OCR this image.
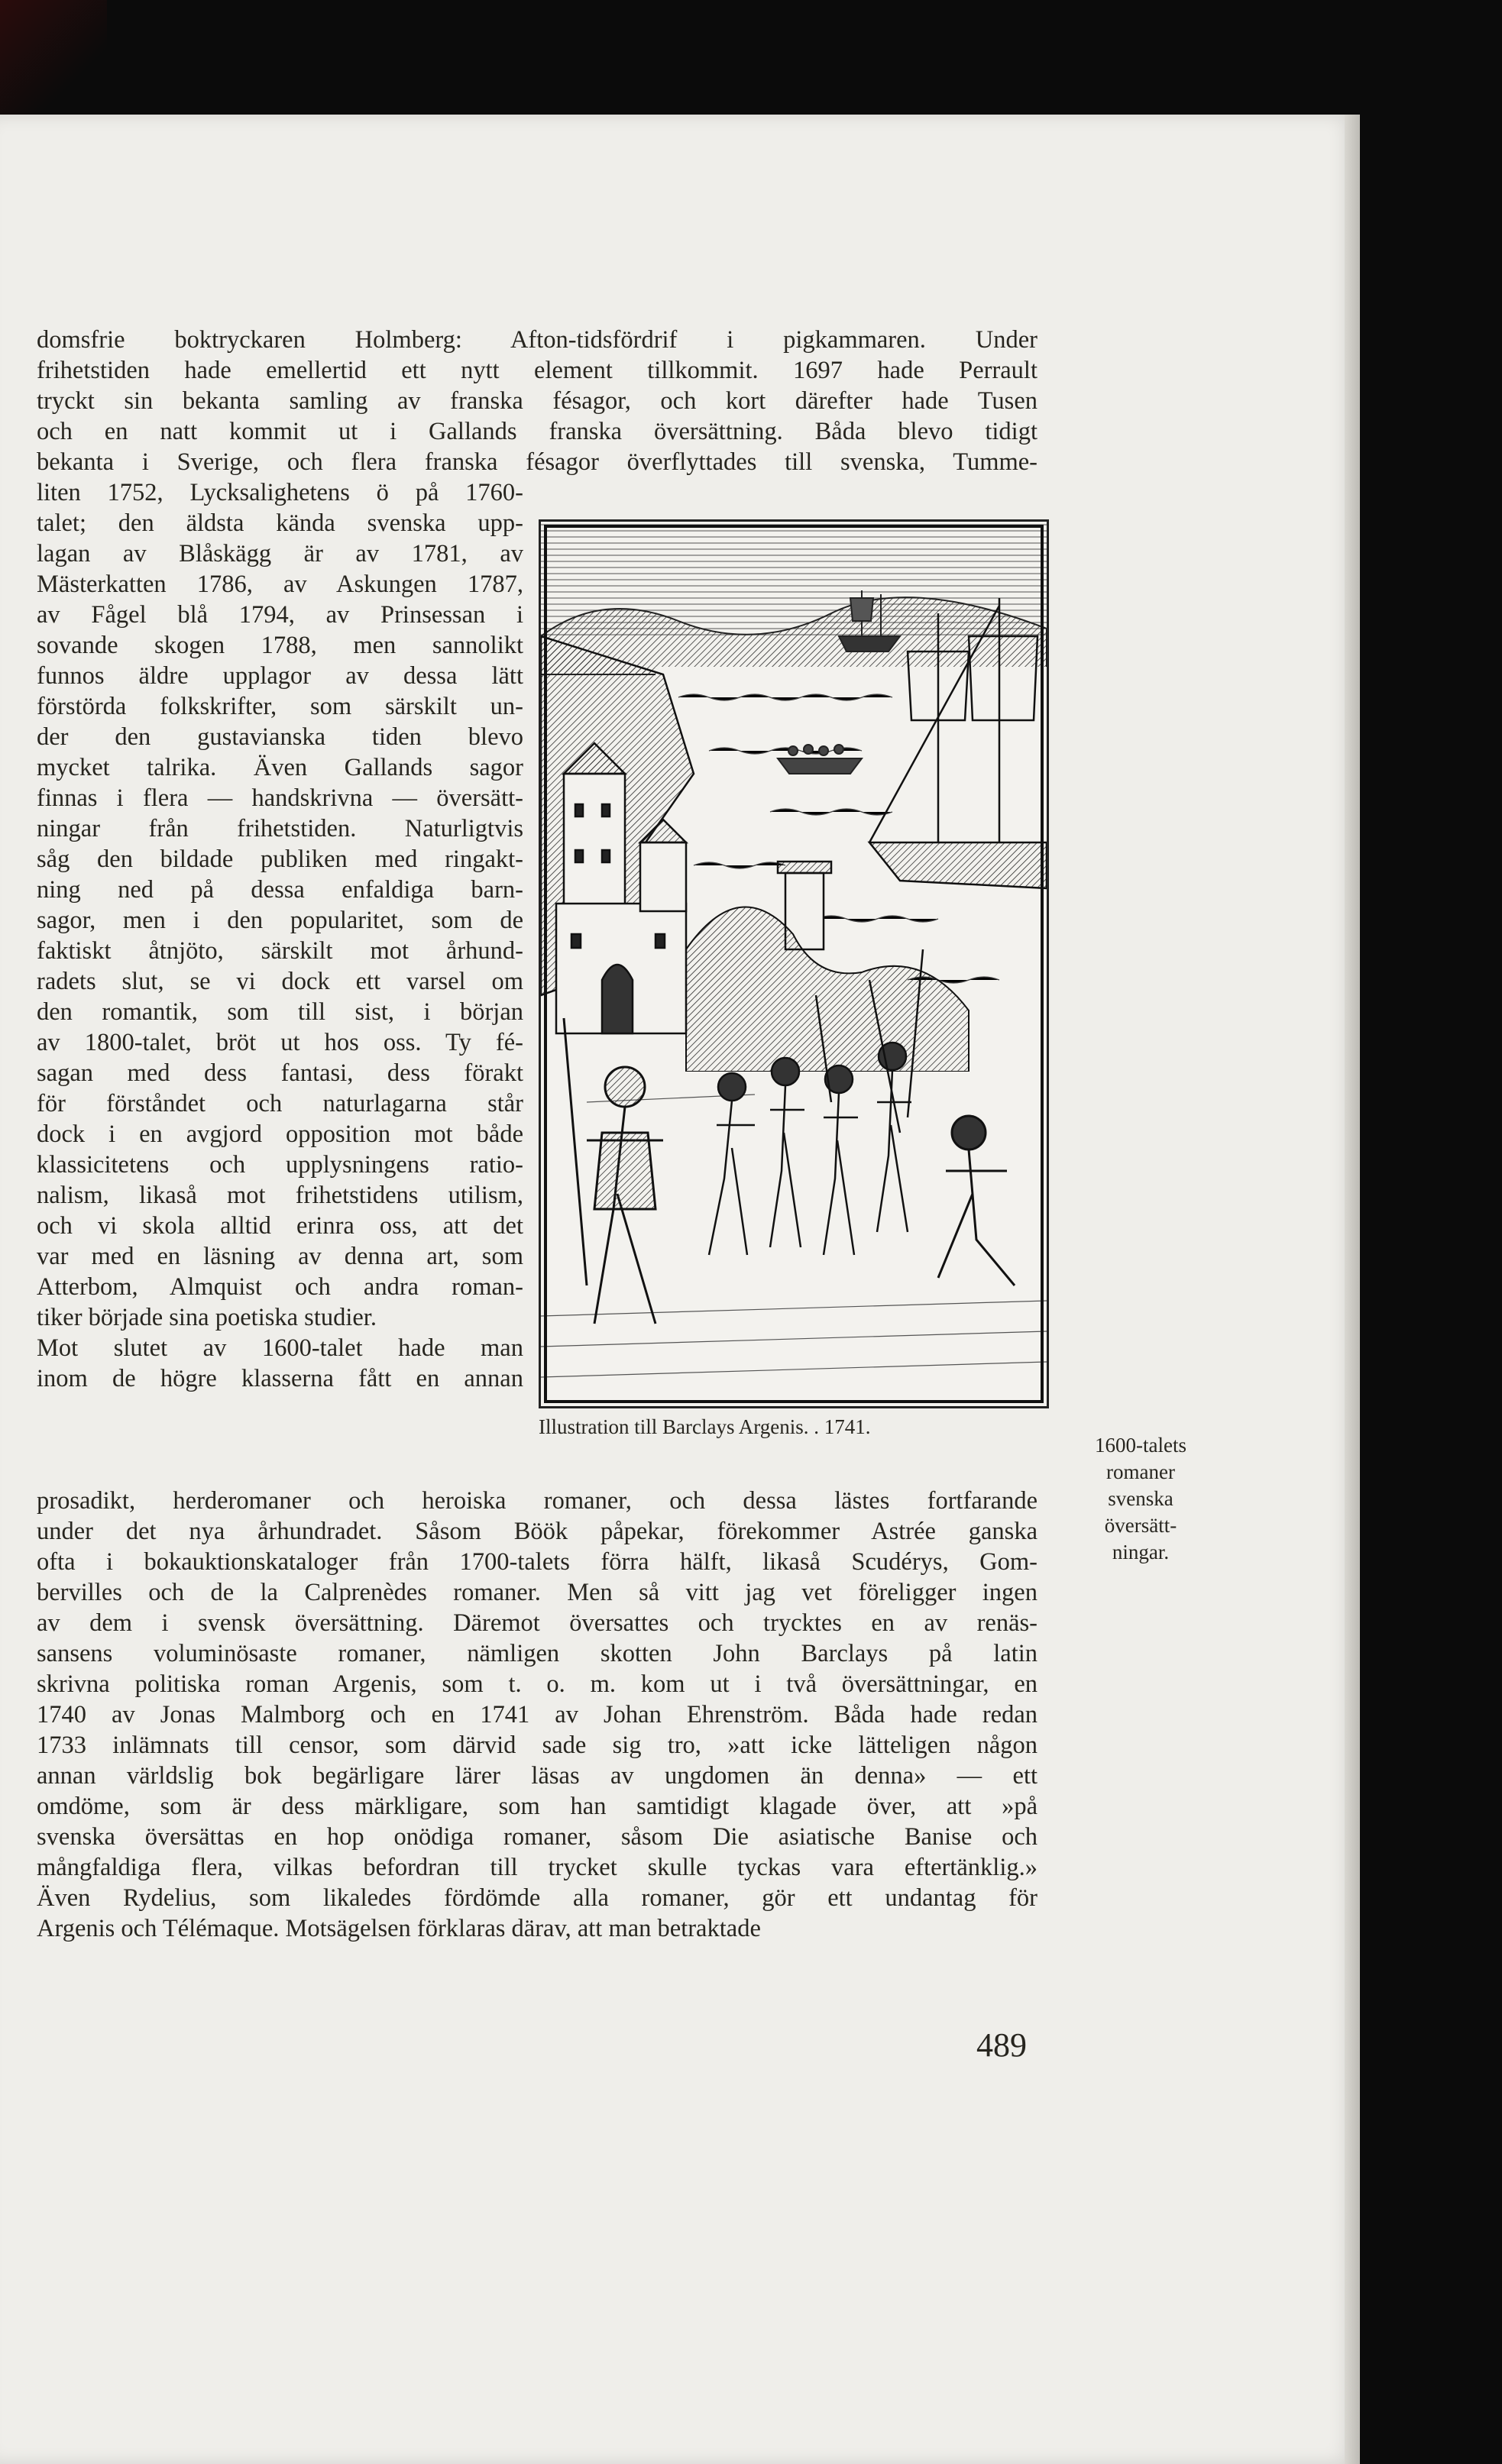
domsfrie boktryckaren Holmberg: Afton-tidsfördrif i pigkammaren. Under
frihetstiden hade emellertid ett nytt element tillkommit. 1697 hade Perrault
tryckt sin bekanta samling av franska fésagor, och kort därefter hade Tusen
och en natt kommit ut i Gallands franska översättning. Båda blevo tidigt
bekanta i Sverige, och flera franska fésagor överflyttades till svenska, Tumme-
liten 1752, Lycksalighetens ö på 1760-
talet; den äldsta kända svenska upp-
lagan av Blåskägg är av 1781, av
Mästerkatten 1786, av Askungen 1787,
av Fågel blå 1794, av Prinsessan i
sovande skogen 1788, men sannolikt
funnos äldre upplagor av dessa lätt
förstörda folkskrifter, som särskilt un-
der den gustavianska tiden blevo
mycket talrika. Även Gallands sagor
finnas i flera — handskrivna — översätt-
ningar från frihetstiden. Naturligtvis
såg den bildade publiken med ringakt-
ning ned på dessa enfaldiga barn-
sagor, men i den popularitet, som de
faktiskt åtnjöto, särskilt mot århund-
radets slut, se vi dock ett varsel om
den romantik, som till sist, i början
av 1800-talet, bröt ut hos oss. Ty fé-
sagan med dess fantasi, dess förakt
för förståndet och naturlagarna står
dock i en avgjord opposition mot både
klassicitetens och upplysningens ratio-
nalism, likaså mot frihetstidens utilism,
och vi skola alltid erinra oss, att det
var med en läsning av denna art, som
Atterbom, Almquist och andra roman-
tiker började sina poetiska studier.
Mot slutet av 1600-talet hade man
inom de högre klasserna fått en annan
prosadikt, herderomaner och heroiska romaner, och dessa lästes fortfarande
under det nya århundradet. Såsom Böök påpekar, förekommer Astrée ganska
ofta i bokauktionskataloger från 1700-talets förra hälft, likaså Scudérys, Gom-
bervilles och de la Calprenèdes romaner. Men så vitt jag vet föreligger ingen
av dem i svensk översättning. Däremot översattes och trycktes en av renäs-
sansens voluminösaste romaner, nämligen skotten John Barclays på latin
skrivna politiska roman Argenis, som t. o. m. kom ut i två översättningar, en
1740 av Jonas Malmborg och en 1741 av Johan Ehrenström. Båda hade redan
1733 inlämnats till censor, som därvid sade sig tro, »att icke lätteligen någon
annan världslig bok begärligare lärer läsas av ungdomen än denna» — ett
omdöme, som är dess märkligare, som han samtidigt klagade över, att »på
svenska översättas en hop onödiga romaner, såsom Die asiatische Banise och
mångfaldiga flera, vilkas befordran till trycket skulle tyckas vara eftertänklig.»
Även Rydelius, som likaledes fördömde alla romaner, gör ett undantag för
Argenis och Télémaque. Motsägelsen förklaras därav, att man betraktade
Illustration till Barclays Argenis. . 1741.
1600-talets
romaner
svenska
översätt-
ningar.
489
